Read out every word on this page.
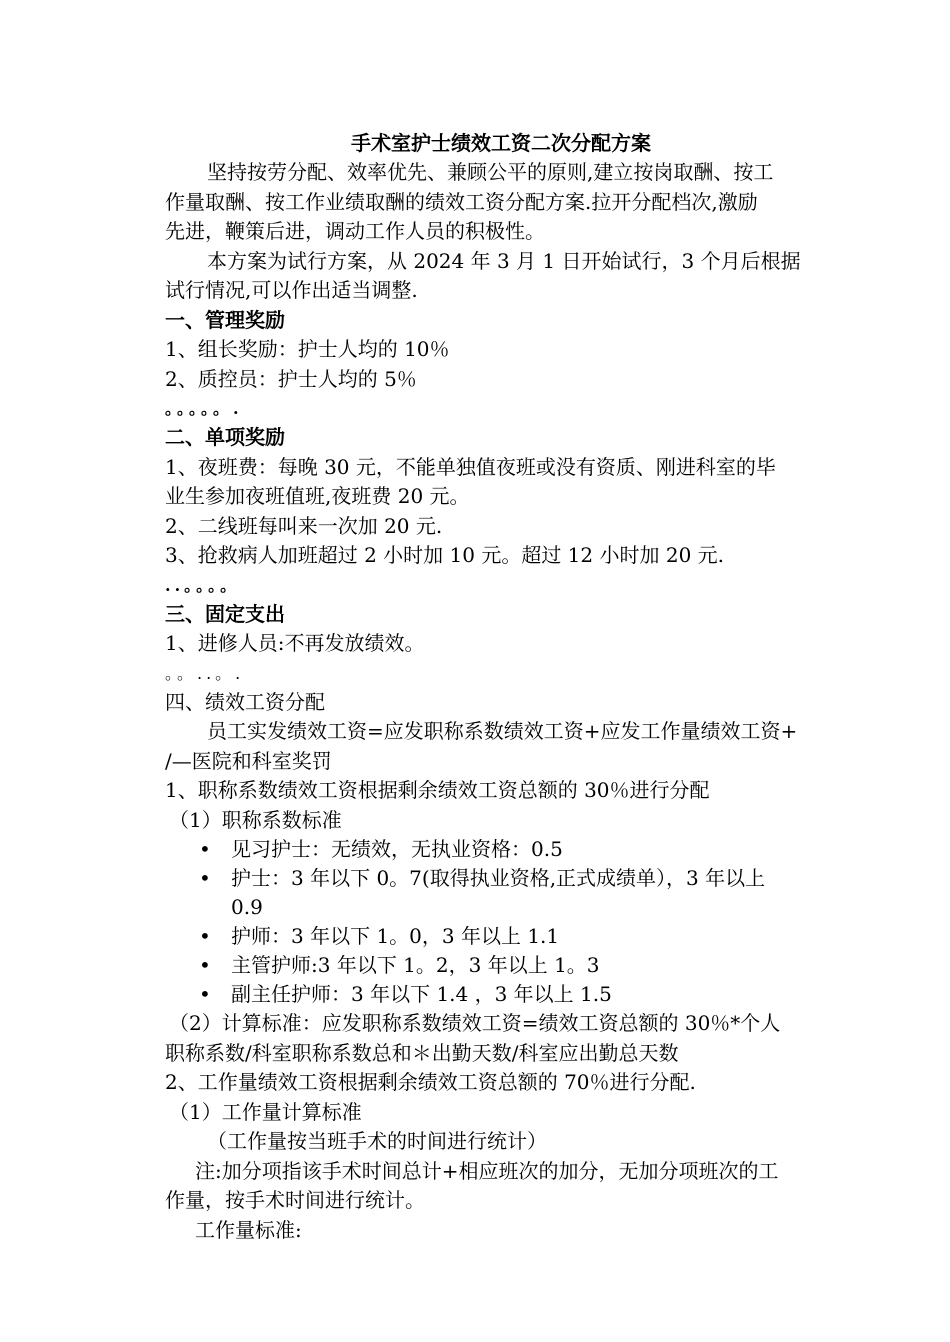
手术室护士绩效工资二次分配方案
坚持按劳分配、效率优先、兼顾公平的原则,建立按岗取酬、按工
作量取酬、按工作业绩取酬的绩效工资分配方案.拉开分配档次,激励
先进，鞭策后进，调动工作人员的积极性。
本方案为试行方案，从 2024 年 3 月 1 日开始试行，3 个月后根据
试行情况,可以作出适当调整.
一、管理奖励
1、组长奖励：护士人均的 10％
2、质控员：护士人均的 5％
。。。。。.
二、单项奖励
1、夜班费：每晚 30 元，不能单独值夜班或没有资质、刚进科室的毕
业生参加夜班值班,夜班费 20 元。
2、二线班每叫来一次加 20 元.
3、抢救病人加班超过 2 小时加 10 元。超过 12 小时加 20 元.
..。。。。
三、固定支出
1、进修人员:不再发放绩效。
。。..。.
四、绩效工资分配
员工实发绩效工资=应发职称系数绩效工资+应发工作量绩效工资+
/—医院和科室奖罚
1、职称系数绩效工资根据剩余绩效工资总额的 30％进行分配
（1）职称系数标准
• 见习护士：无绩效，无执业资格：0.5
• 护士：3 年以下 0。7(取得执业资格,正式成绩单），3 年以上
0.9
• 护师：3 年以下 1。0，3 年以上 1.1
• 主管护师:3 年以下 1。2，3 年以上 1。3
• 副主任护师：3 年以下 1.4 ，3 年以上 1.5
（2）计算标准：应发职称系数绩效工资=绩效工资总额的 30％*个人
职称系数/科室职称系数总和＊出勤天数/科室应出勤总天数
2、工作量绩效工资根据剩余绩效工资总额的 70％进行分配.
（1）工作量计算标准
（工作量按当班手术的时间进行统计）
注:加分项指该手术时间总计+相应班次的加分，无加分项班次的工
作量，按手术时间进行统计。
工作量标准:
